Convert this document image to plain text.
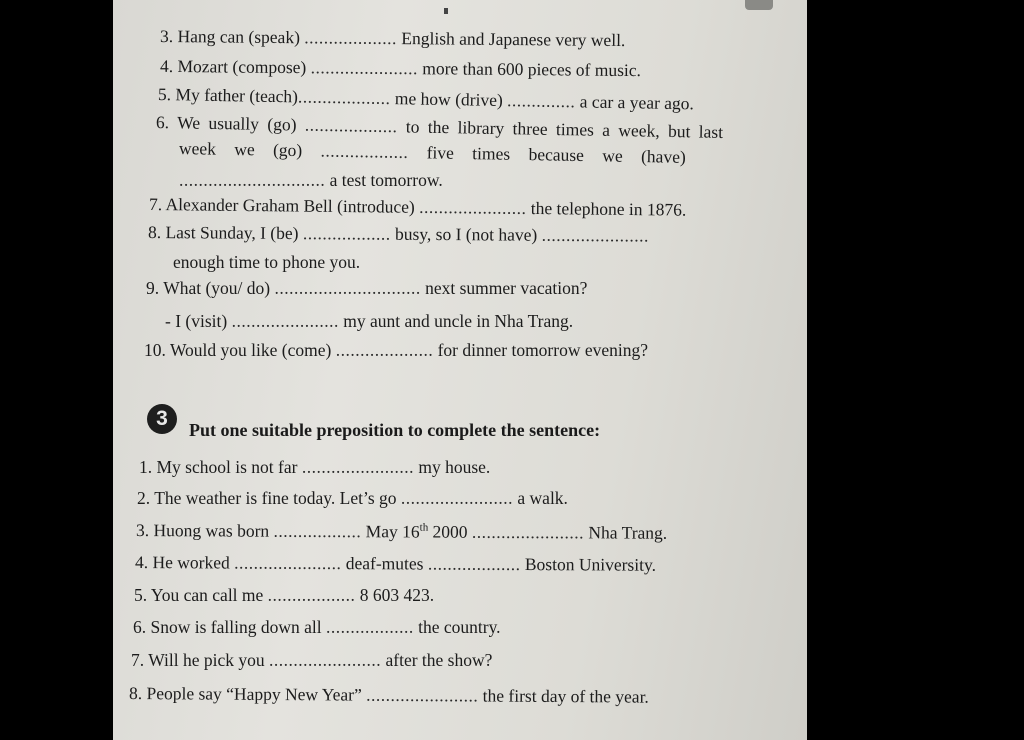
3. Hang can (speak) ................... English and Japanese very well.
4. Mozart (compose) ...................... more than 600 pieces of music.
5. My father (teach)................... me how (drive) .............. a car a year ago.
6. We usually (go) ................... to the library three times a week, but last
week we (go) .................. five times because we (have)
.............................. a test tomorrow.
7. Alexander Graham Bell (introduce) ...................... the telephone in 1876.
8. Last Sunday, I (be) .................. busy, so I (not have) ......................
enough time to phone you.
9. What (you/ do) .............................. next summer vacation?
- I (visit) ...................... my aunt and uncle in Nha Trang.
10. Would you like (come) .................... for dinner tomorrow evening?
3	Put one suitable preposition to complete the sentence:
1. My school is not far ....................... my house.
2. The weather is fine today. Let’s go ....................... a walk.
3. Huong was born .................. May 16th 2000 ....................... Nha Trang.
4. He worked ...................... deaf-mutes ................... Boston University.
5. You can call me .................. 8 603 423.
6. Snow is falling down all .................. the country.
7. Will he pick you ....................... after the show?
8. People say “Happy New Year” ....................... the first day of the year.
